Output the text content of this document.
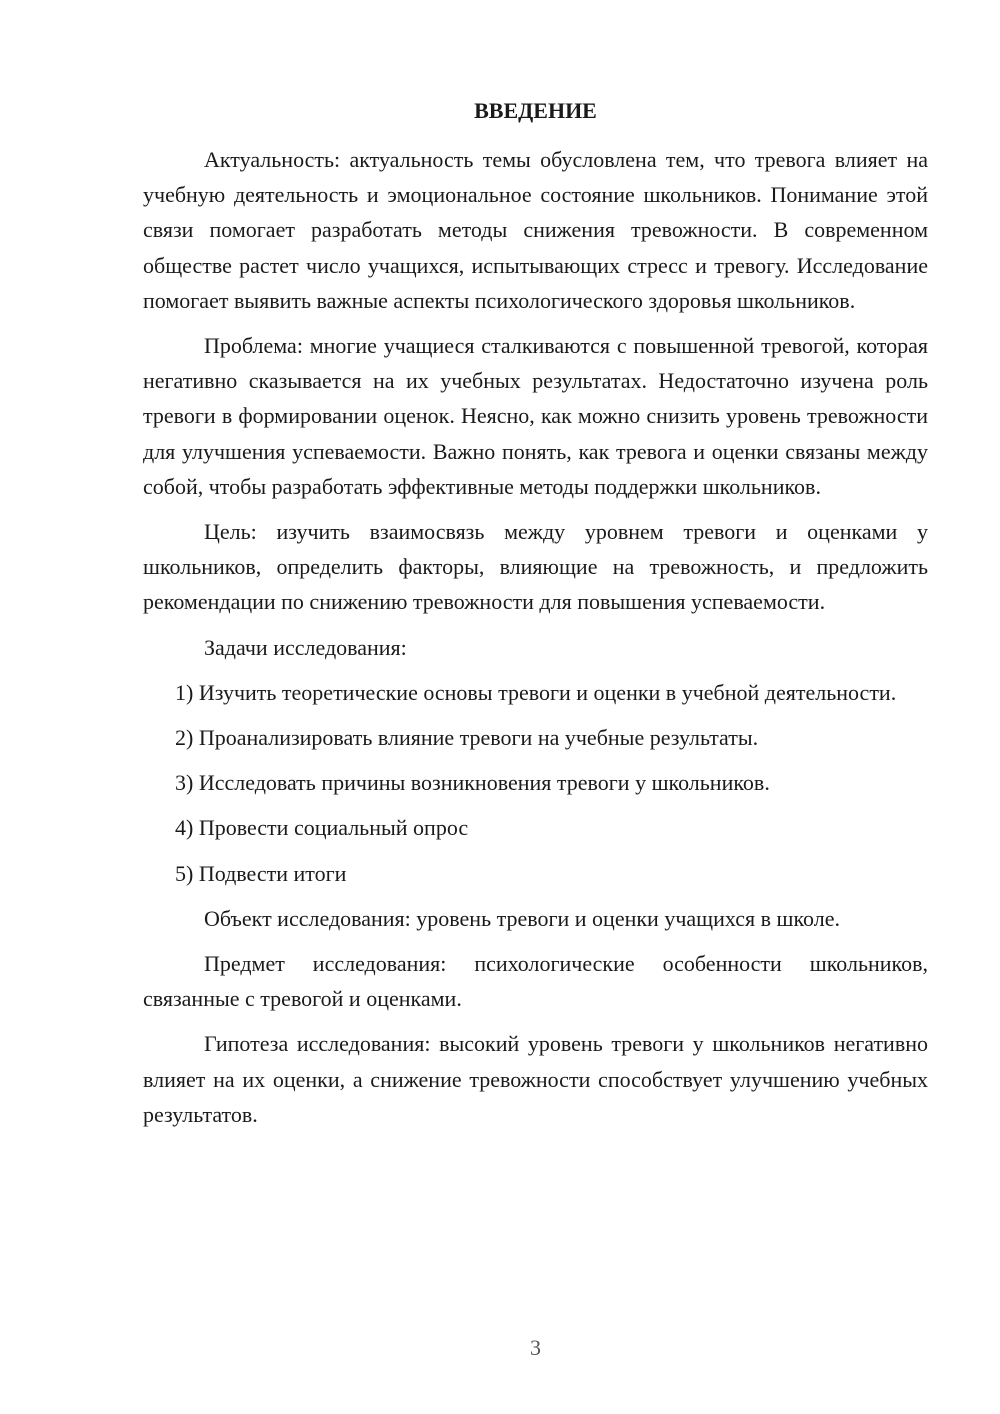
ВВЕДЕНИЕ

Актуальность: актуальность темы обусловлена тем, что тревога влияет на учебную деятельность и эмоциональное состояние школьников. Понимание этой связи помогает разработать методы снижения тревожности. В современном обществе растет число учащихся, испытывающих стресс и тревогу. Исследование помогает выявить важные аспекты психологического здоровья школьников.

Проблема: многие учащиеся сталкиваются с повышенной тревогой, которая негативно сказывается на их учебных результатах. Недостаточно изучена роль тревоги в формировании оценок. Неясно, как можно снизить уровень тревожности для улучшения успеваемости. Важно понять, как тревога и оценки связаны между собой, чтобы разработать эффективные методы поддержки школьников.

Цель: изучить взаимосвязь между уровнем тревоги и оценками у школьников, определить факторы, влияющие на тревожность, и предложить рекомендации по снижению тревожности для повышения успеваемости.

Задачи исследования:

1) Изучить теоретические основы тревоги и оценки в учебной деятельности.

2) Проанализировать влияние тревоги на учебные результаты.

3) Исследовать причины возникновения тревоги у школьников.

4) Провести социальный опрос

5) Подвести итоги

Объект исследования: уровень тревоги и оценки учащихся в школе.

Предмет исследования: психологические особенности школьников, связанные с тревогой и оценками.

Гипотеза исследования: высокий уровень тревоги у школьников негативно влияет на их оценки, а снижение тревожности способствует улучшению учебных результатов.

3
